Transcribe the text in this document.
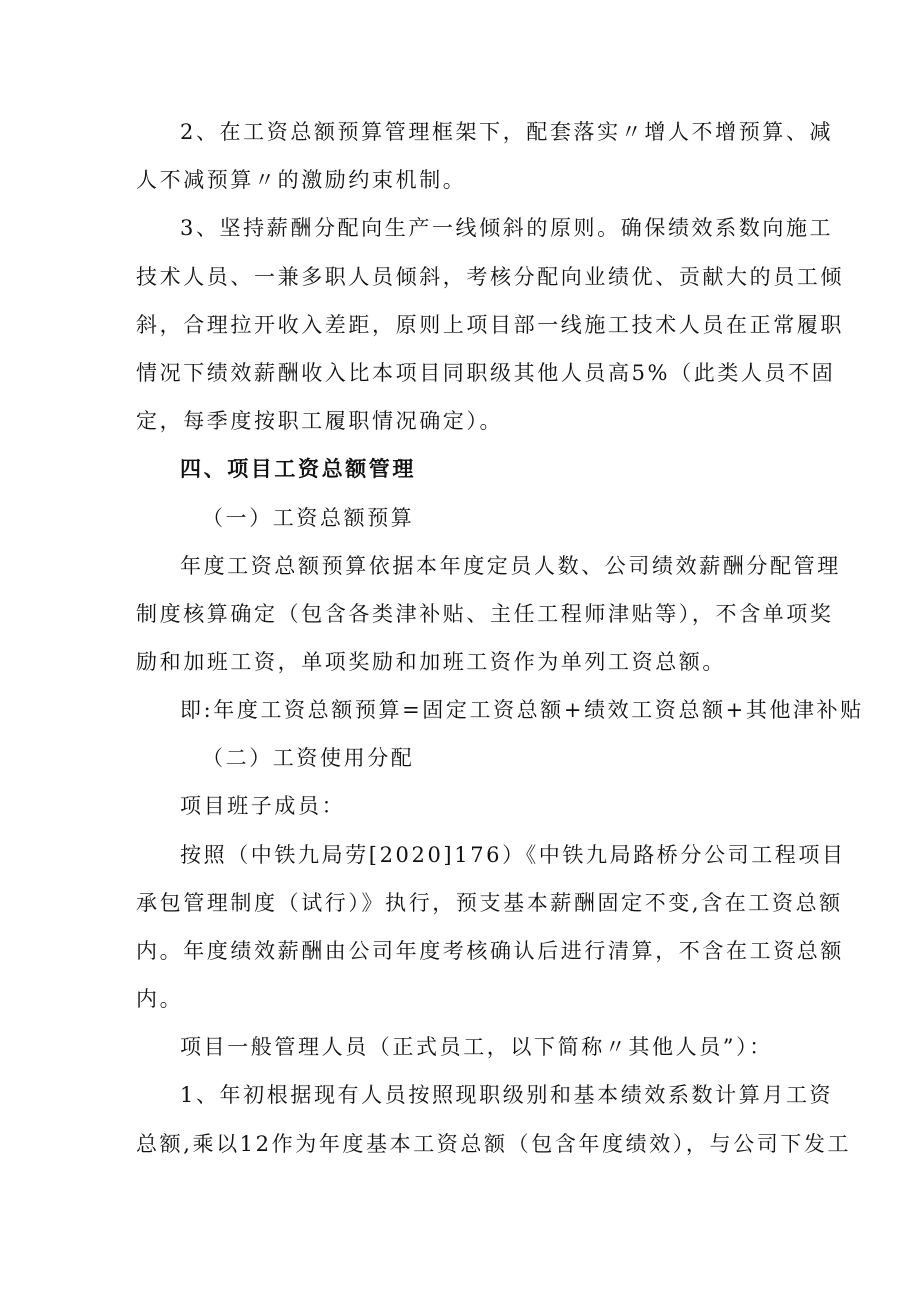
2、在工资总额预算管理框架下，配套落实〃增人不增预算、减
人不减预算〃的激励约束机制。
3、坚持薪酬分配向生产一线倾斜的原则。确保绩效系数向施工
技术人员、一兼多职人员倾斜，考核分配向业绩优、贡献大的员工倾
斜，合理拉开收入差距，原则上项目部一线施工技术人员在正常履职
情况下绩效薪酬收入比本项目同职级其他人员高5%（此类人员不固
定，每季度按职工履职情况确定）。
四、项目工资总额管理
（一）工资总额预算
年度工资总额预算依据本年度定员人数、公司绩效薪酬分配管理
制度核算确定（包含各类津补贴、主任工程师津贴等），不含单项奖
励和加班工资，单项奖励和加班工资作为单列工资总额。
即:年度工资总额预算=固定工资总额+绩效工资总额+其他津补贴
（二）工资使用分配
项目班子成员：
按照（中铁九局劳[2020]176）《中铁九局路桥分公司工程项目
承包管理制度（试行）》执行，预支基本薪酬固定不变,含在工资总额
内。年度绩效薪酬由公司年度考核确认后进行清算，不含在工资总额
内。
项目一般管理人员（正式员工，以下简称〃其他人员”）：
1、年初根据现有人员按照现职级别和基本绩效系数计算月工资
总额,乘以12作为年度基本工资总额（包含年度绩效），与公司下发工
